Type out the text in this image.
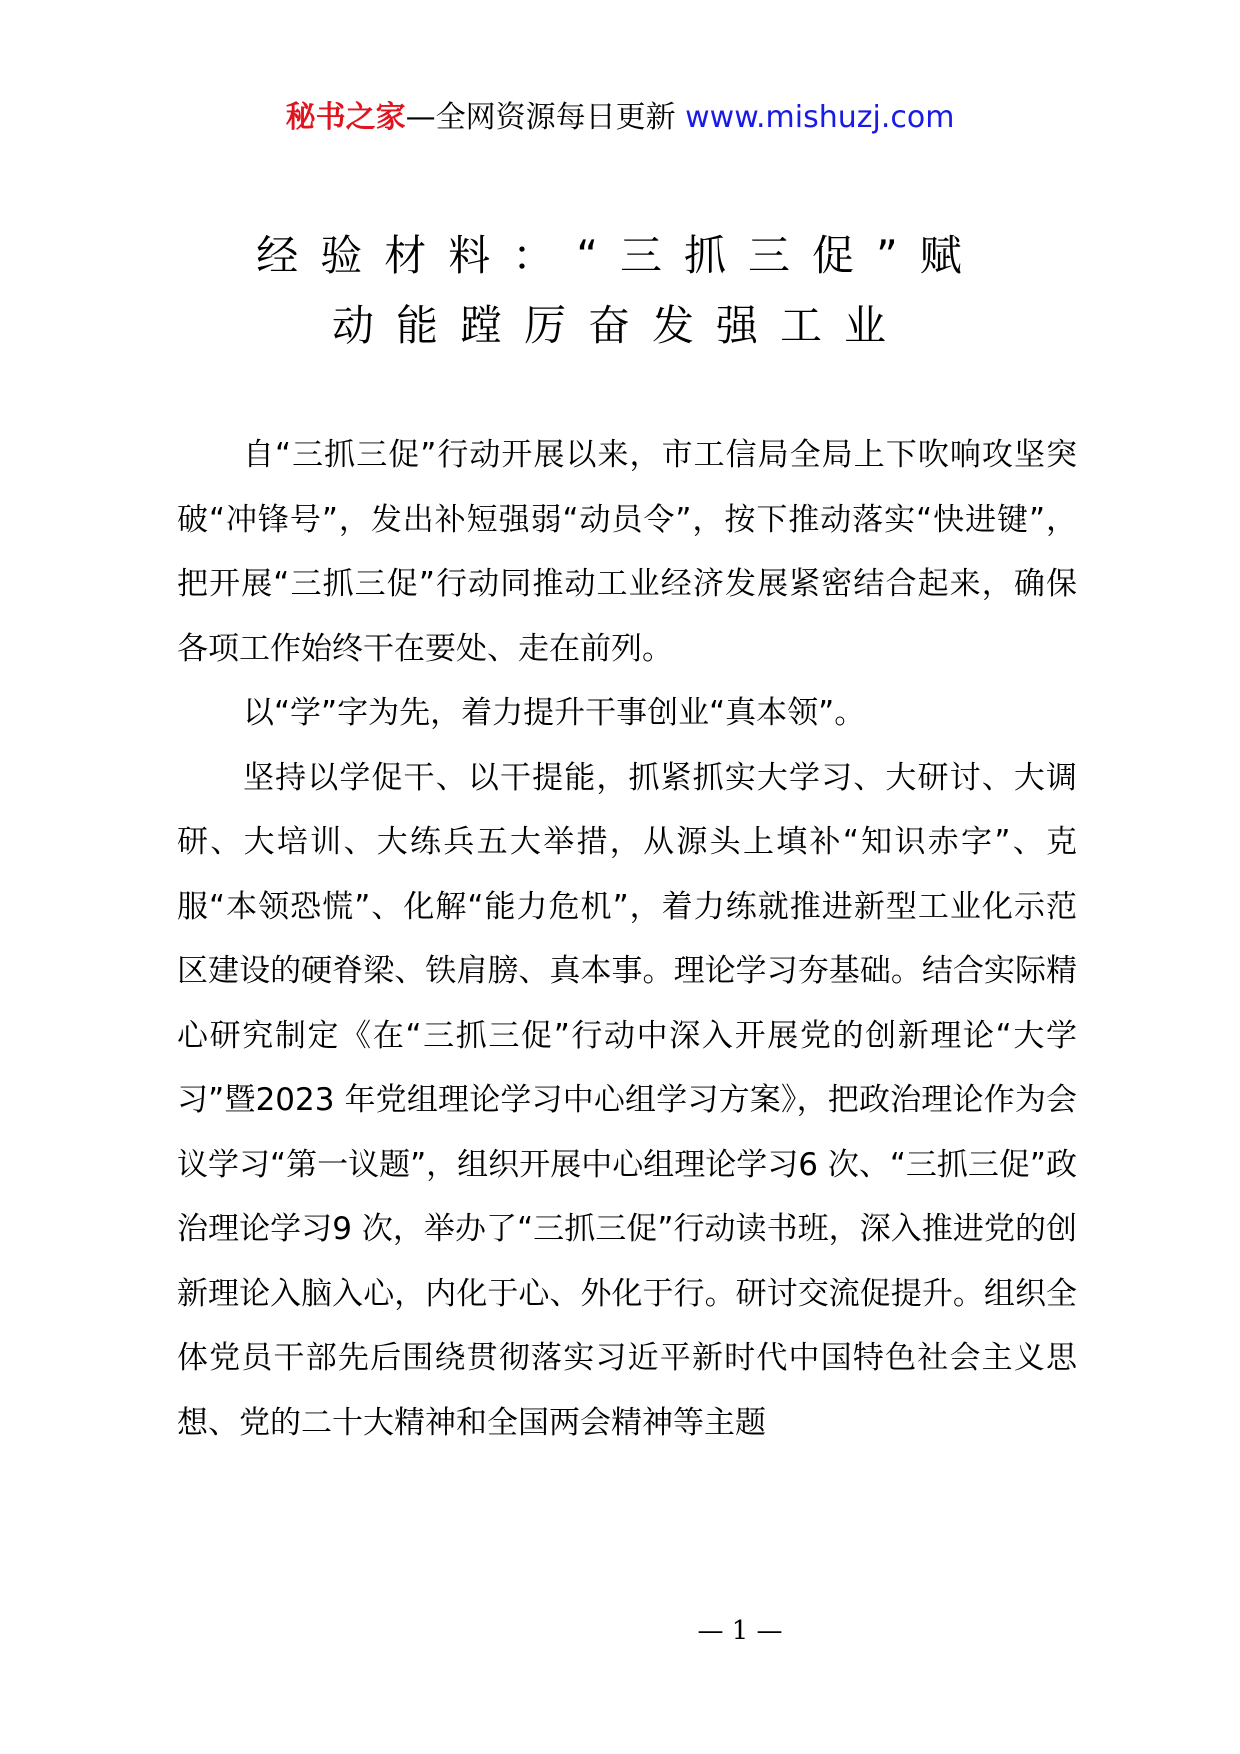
秘书之家—全网资源每日更新 www.mishuzj.com
经验材料：“三抓三促”赋
动能蹚厉奋发强工业

自“三抓三促”行动开展以来，市工信局全局上下吹响攻坚突破“冲锋号”，发出补短强弱“动员令”，按下推动落实“快进键”，把开展“三抓三促”行动同推动工业经济发展紧密结合起来，确保各项工作始终干在要处、走在前列。

以“学”字为先，着力提升干事创业“真本领”。

坚持以学促干、以干提能，抓紧抓实大学习、大研讨、大调研、大培训、大练兵五大举措，从源头上填补“知识赤字”、克服“本领恐慌”、化解“能力危机”，着力练就推进新型工业化示范区建设的硬脊梁、铁肩膀、真本事。理论学习夯基础。结合实际精心研究制定《在“三抓三促”行动中深入开展党的创新理论“大学习”暨2023 年党组理论学习中心组学习方案》，把政治理论作为会议学习“第一议题”，组织开展中心组理论学习6 次、“三抓三促”政治理论学习9 次，举办了“三抓三促”行动读书班，深入推进党的创新理论入脑入心，内化于心、外化于行。研讨交流促提升。组织全体党员干部先后围绕贯彻落实习近平新时代中国特色社会主义思想、党的二十大精神和全国两会精神等主题

— 1 —
